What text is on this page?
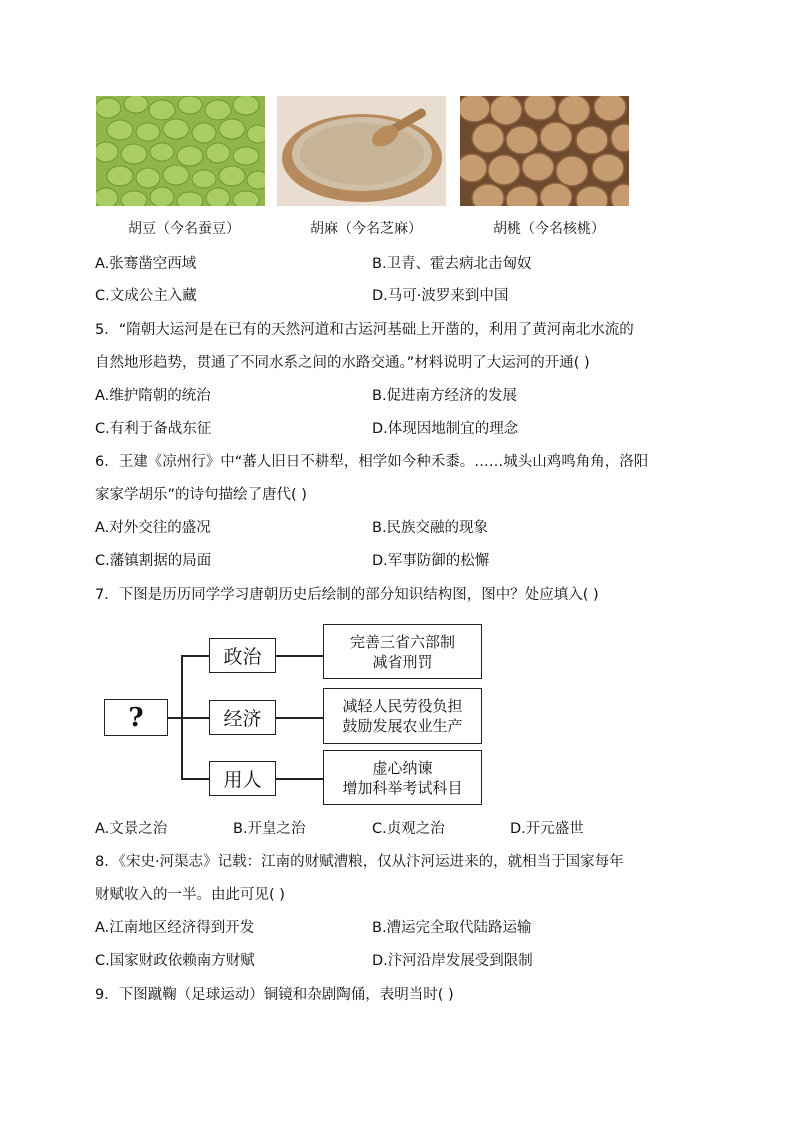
胡豆（今名蚕豆）	胡麻（今名芝麻）	胡桃（今名核桃）
A.张骞凿空西域	B.卫青、霍去病北击匈奴
C.文成公主入藏	D.马可·波罗来到中国
5．“隋朝大运河是在已有的天然河道和古运河基础上开凿的，利用了黄河南北水流的
自然地形趋势，贯通了不同水系之间的水路交通。”材料说明了大运河的开通( )
A.维护隋朝的统治	B.促进南方经济的发展
C.有利于备战东征	D.体现因地制宜的理念
6．王建《凉州行》中“蕃人旧日不耕犁，相学如今种禾黍。……城头山鸡鸣角角，洛阳
家家学胡乐”的诗句描绘了唐代( )
A.对外交往的盛况	B.民族交融的现象
C.藩镇割据的局面	D.军事防御的松懈
7．下图是历历同学学习唐朝历史后绘制的部分知识结构图，图中？处应填入( )
?
政治
经济
用人
完善三省六部制
减省刑罚
减轻人民劳役负担
鼓励发展农业生产
虚心纳谏
增加科举考试科目
A.文景之治	B.开皇之治	C.贞观之治	D.开元盛世
8．《宋史·河渠志》记载：江南的财赋漕粮，仅从汴河运进来的，就相当于国家每年
财赋收入的一半。由此可见( )
A.江南地区经济得到开发	B.漕运完全取代陆路运输
C.国家财政依赖南方财赋	D.汴河沿岸发展受到限制
9．下图蹴鞠（足球运动）铜镜和杂剧陶俑，表明当时( )
